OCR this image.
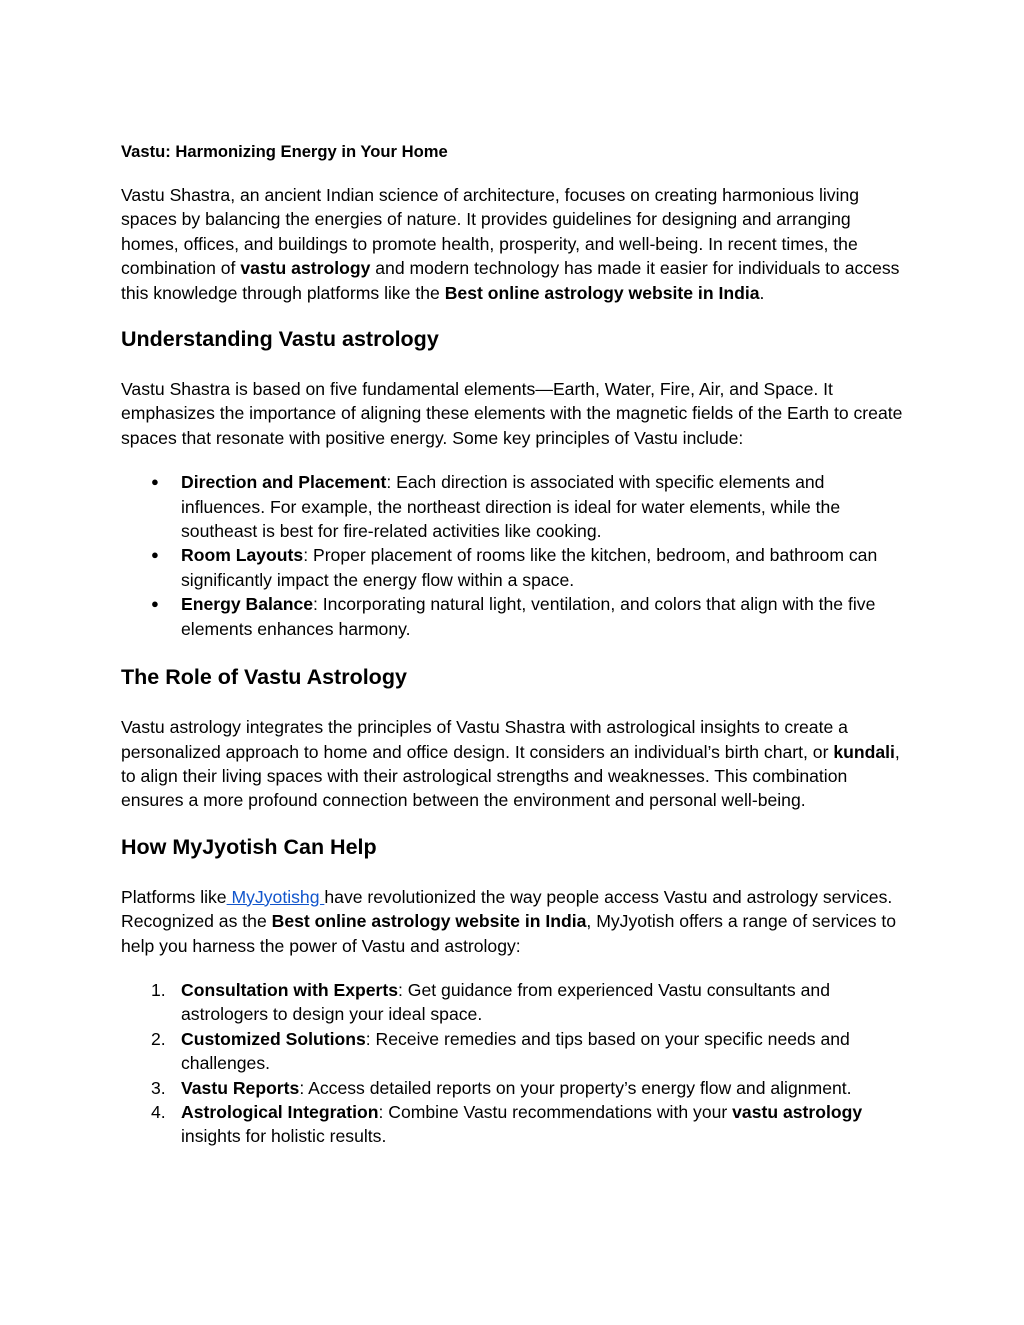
Vastu: Harmonizing Energy in Your Home

Vastu Shastra, an ancient Indian science of architecture, focuses on creating harmonious living spaces by balancing the energies of nature. It provides guidelines for designing and arranging homes, offices, and buildings to promote health, prosperity, and well-being. In recent times, the combination of vastu astrology and modern technology has made it easier for individuals to access this knowledge through platforms like the Best online astrology website in India.

Understanding Vastu astrology

Vastu Shastra is based on five fundamental elements—Earth, Water, Fire, Air, and Space. It emphasizes the importance of aligning these elements with the magnetic fields of the Earth to create spaces that resonate with positive energy. Some key principles of Vastu include:

●	Direction and Placement: Each direction is associated with specific elements and influences. For example, the northeast direction is ideal for water elements, while the southeast is best for fire-related activities like cooking.
●	Room Layouts: Proper placement of rooms like the kitchen, bedroom, and bathroom can significantly impact the energy flow within a space.
●	Energy Balance: Incorporating natural light, ventilation, and colors that align with the five elements enhances harmony.
The Role of Vastu Astrology

Vastu astrology integrates the principles of Vastu Shastra with astrological insights to create a personalized approach to home and office design. It considers an individual’s birth chart, or kundali, to align their living spaces with their astrological strengths and weaknesses. This combination ensures a more profound connection between the environment and personal well-being.

How MyJyotish Can Help

Platforms like MyJyotishg have revolutionized the way people access Vastu and astrology services. Recognized as the Best online astrology website in India, MyJyotish offers a range of services to help you harness the power of Vastu and astrology:

1. Consultation with Experts: Get guidance from experienced Vastu consultants and astrologers to design your ideal space.
2. Customized Solutions: Receive remedies and tips based on your specific needs and challenges.
3. Vastu Reports: Access detailed reports on your property’s energy flow and alignment.
4. Astrological Integration: Combine Vastu recommendations with your vastu astrology insights for holistic results.
